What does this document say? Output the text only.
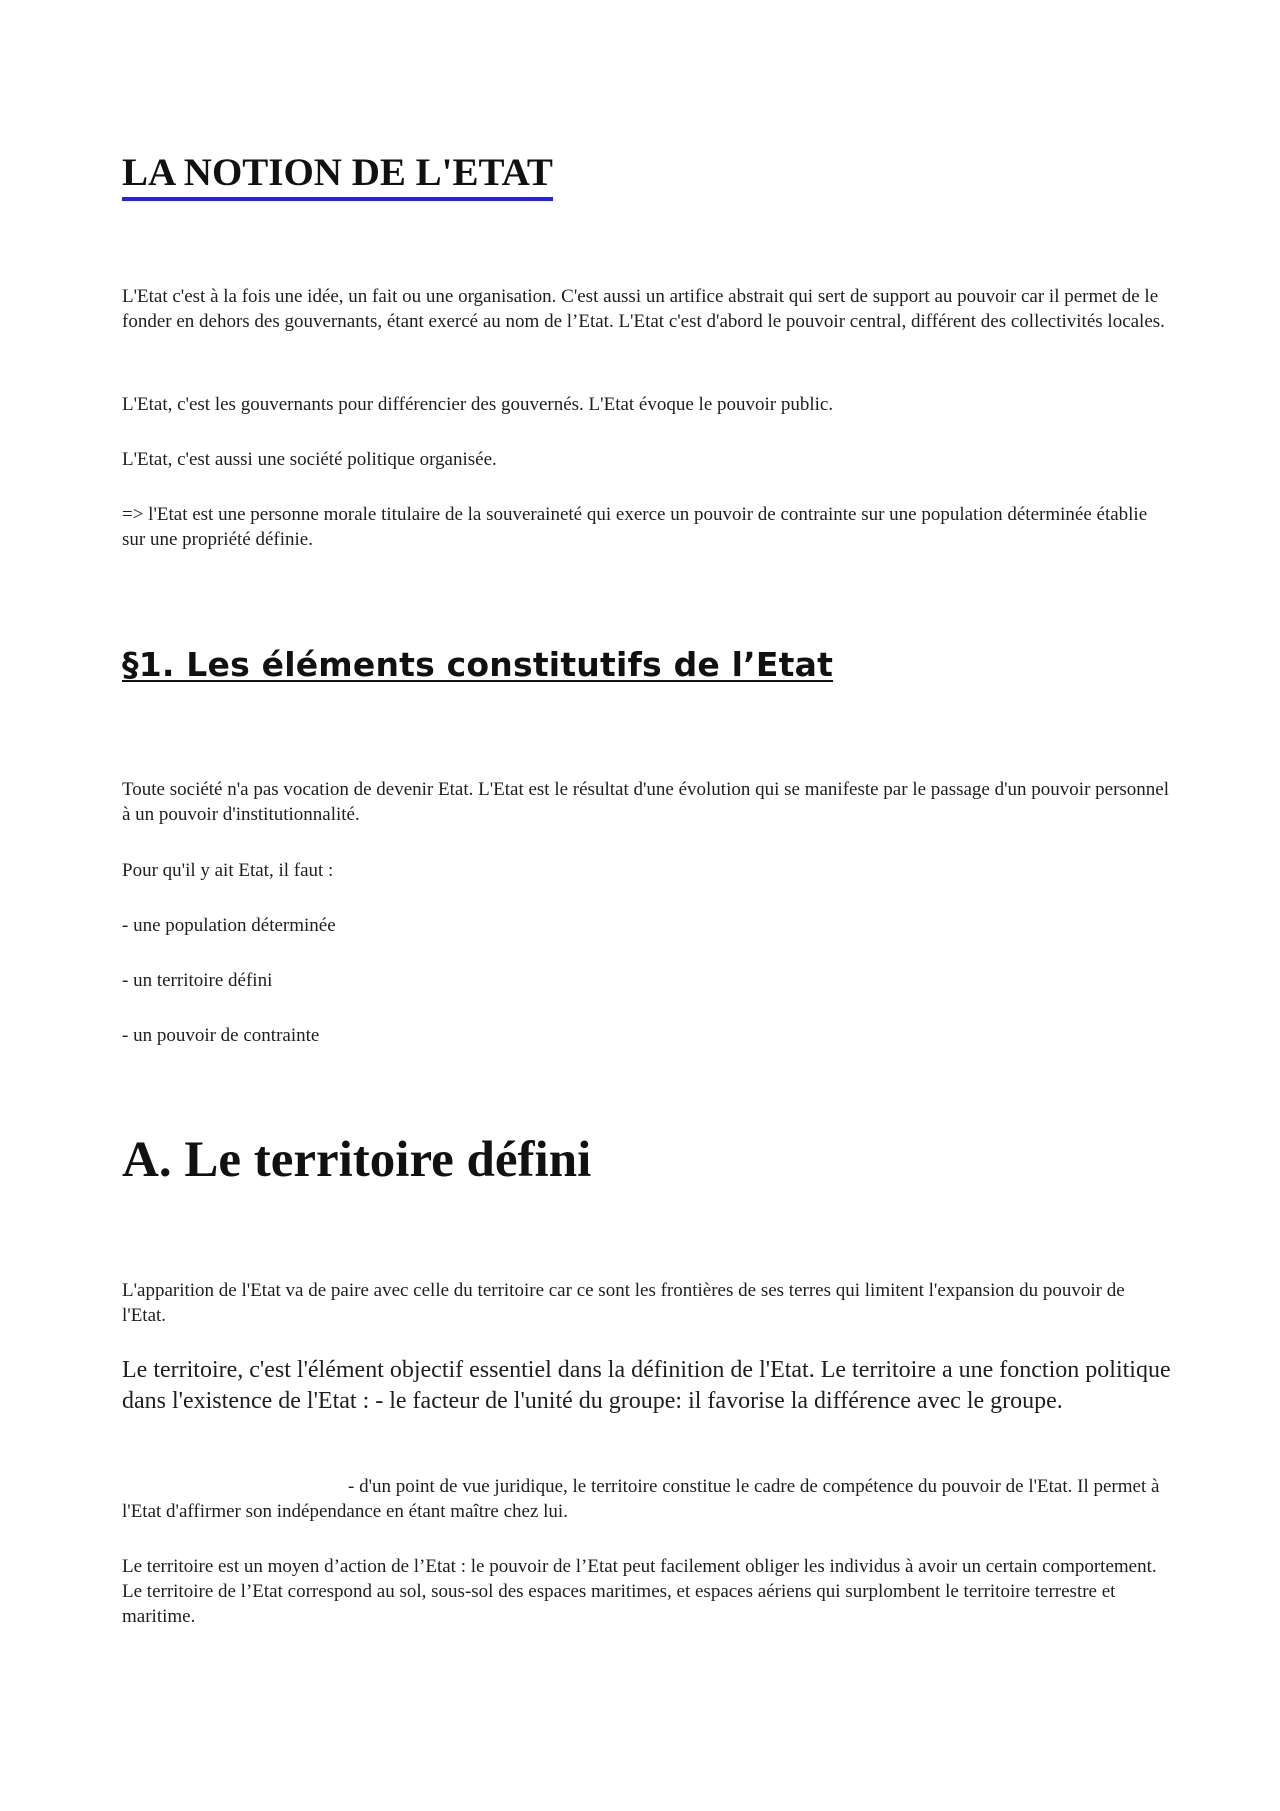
LA NOTION DE L'ETAT

L'Etat c'est à la fois une idée, un fait ou une organisation. C'est aussi un artifice abstrait qui sert de support au pouvoir car il permet de le fonder en dehors des gouvernants, étant exercé au nom de l’Etat. L'Etat c'est d'abord le pouvoir central, différent des collectivités locales.

L'Etat, c'est les gouvernants pour différencier des gouvernés. L'Etat évoque le pouvoir public.

L'Etat, c'est aussi une société politique organisée.

=> l'Etat est une personne morale titulaire de la souveraineté qui exerce un pouvoir de contrainte sur une population déterminée établie sur une propriété définie.

§1. Les éléments constitutifs de l’Etat

Toute société n'a pas vocation de devenir Etat. L'Etat est le résultat d'une évolution qui se manifeste par le passage d'un pouvoir personnel à un pouvoir d'institutionnalité.

Pour qu'il y ait Etat, il faut :

- une population déterminée

- un territoire défini

- un pouvoir de contrainte

A. Le territoire défini

L'apparition de l'Etat va de paire avec celle du territoire car ce sont les frontières de ses terres qui limitent l'expansion du pouvoir de l'Etat.

Le territoire, c'est l'élément objectif essentiel dans la définition de l'Etat. Le territoire a une fonction politique dans l'existence de l'Etat : - le facteur de l'unité du groupe: il favorise la différence avec le groupe.

- d'un point de vue juridique, le territoire constitue le cadre de compétence du pouvoir de l'Etat. Il permet à l'Etat d'affirmer son indépendance en étant maître chez lui.

Le territoire est un moyen d’action de l’Etat : le pouvoir de l’Etat peut facilement obliger les individus à avoir un certain comportement. Le territoire de l’Etat correspond au sol, sous-sol des espaces maritimes, et espaces aériens qui surplombent le territoire terrestre et maritime.
